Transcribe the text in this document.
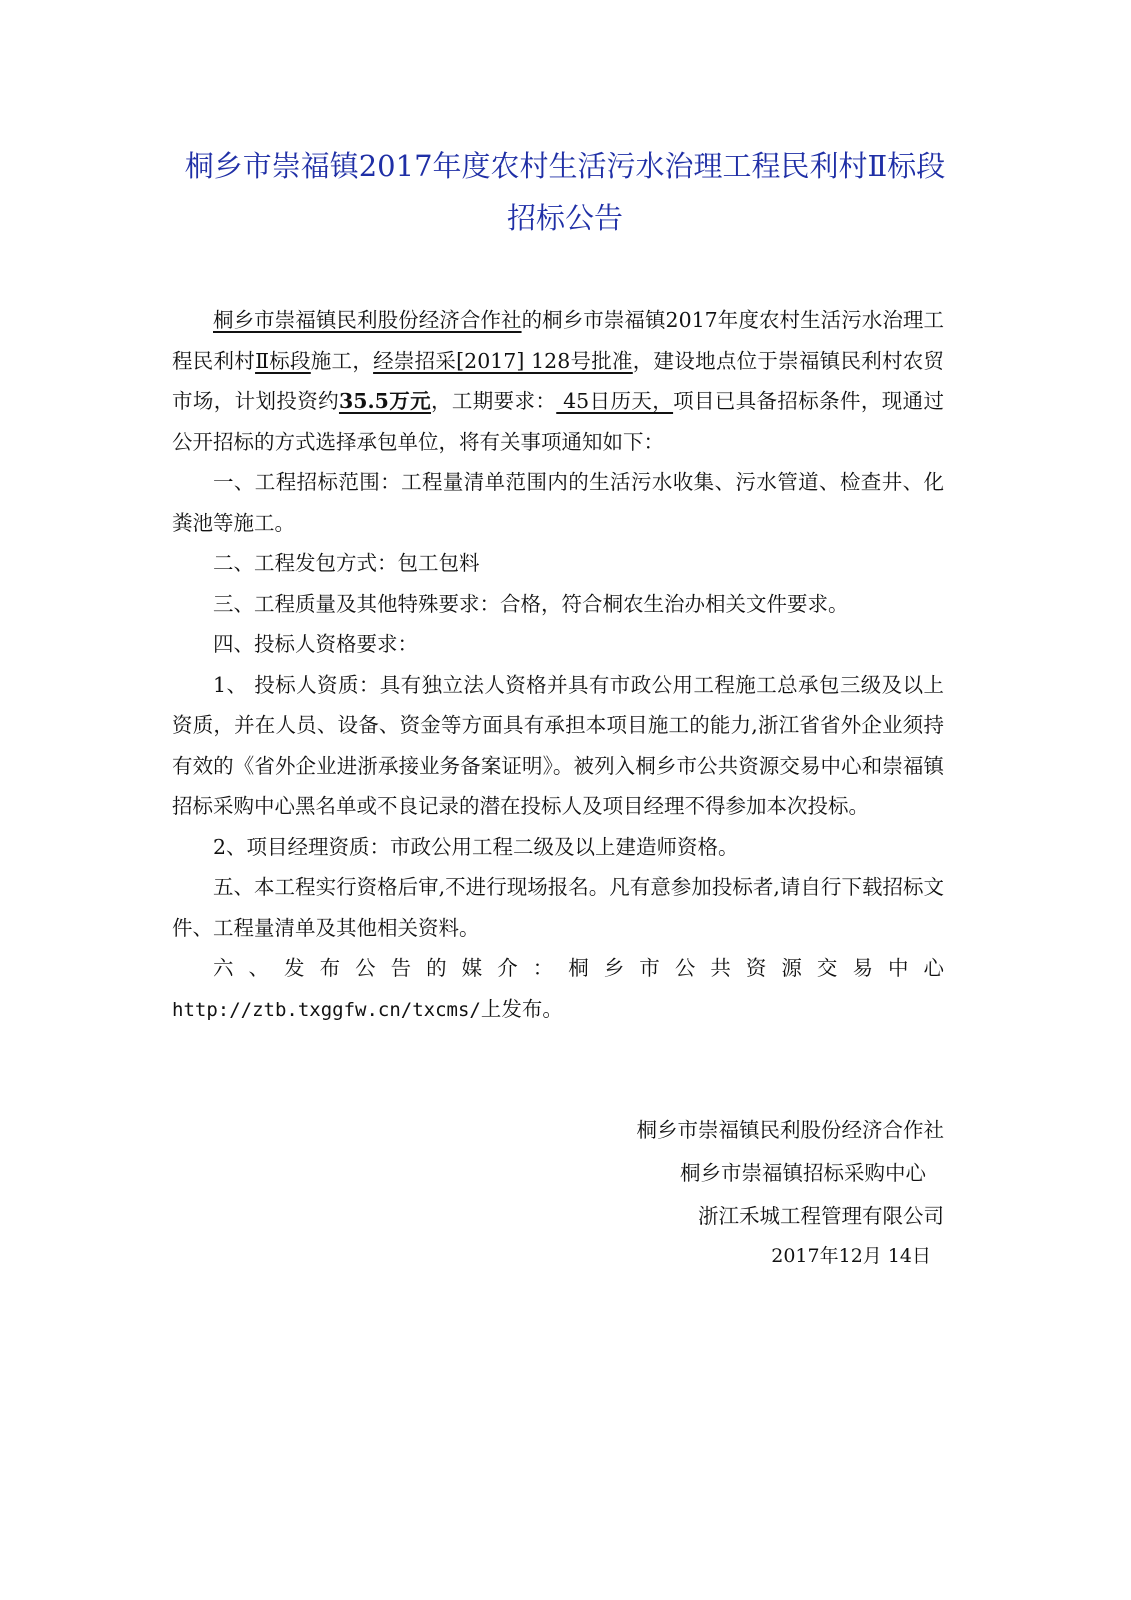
桐乡市崇福镇2017年度农村生活污水治理工程民利村Ⅱ标段
招标公告

桐乡市崇福镇民利股份经济合作社的桐乡市崇福镇2017年度农村生活污水治理工程民利村Ⅱ标段施工，经崇招采[2017] 128号批准，建设地点位于崇福镇民利村农贸市场，计划投资约35.5万元，工期要求： 45日历天，项目已具备招标条件，现通过公开招标的方式选择承包单位，将有关事项通知如下：

一、工程招标范围：工程量清单范围内的生活污水收集、污水管道、检查井、化粪池等施工。

二、工程发包方式：包工包料

三、工程质量及其他特殊要求：合格，符合桐农生治办相关文件要求。

四、投标人资格要求：

1、 投标人资质：具有独立法人资格并具有市政公用工程施工总承包三级及以上资质，并在人员、设备、资金等方面具有承担本项目施工的能力,浙江省省外企业须持有效的《省外企业进浙承接业务备案证明》。被列入桐乡市公共资源交易中心和崇福镇招标采购中心黑名单或不良记录的潜在投标人及项目经理不得参加本次投标。

2、项目经理资质：市政公用工程二级及以上建造师资格。

五、本工程实行资格后审,不进行现场报名。凡有意参加投标者,请自行下载招标文件、工程量清单及其他相关资料。

六、发布公告的媒介：桐乡市公共资源交易中心

http://ztb.txggfw.cn/txcms/上发布。
桐乡市崇福镇民利股份经济合作社
桐乡市崇福镇招标采购中心
浙江禾城工程管理有限公司
2017年12月 14日
